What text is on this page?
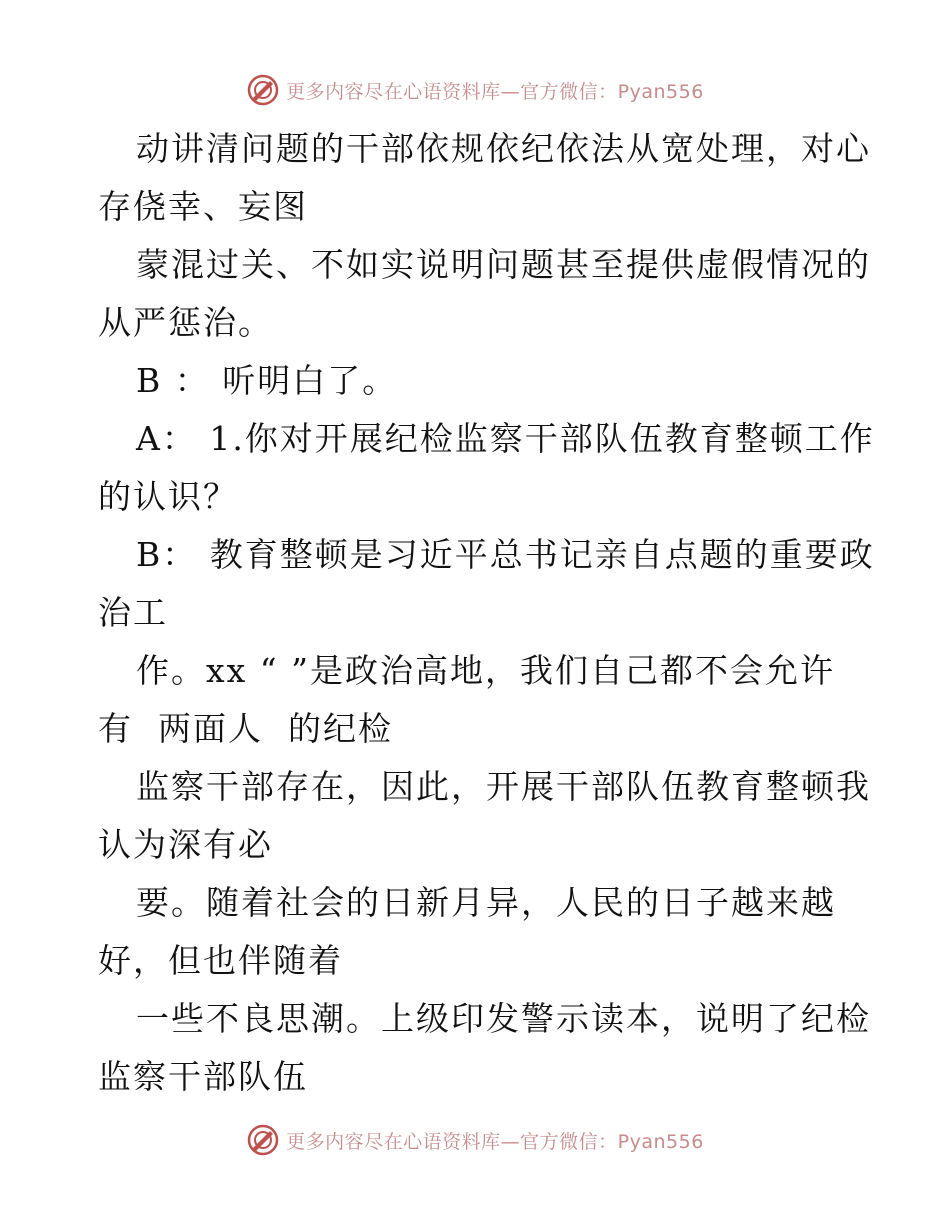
更多内容尽在心语资料库—官方微信：Pyan556
动讲清问题的干部依规依纪依法从宽处理，对心
存侥幸、妄图
蒙混过关、不如实说明问题甚至提供虚假情况的
从严惩治。
B ： 听明白了。
A： 1.你对开展纪检监察干部队伍教育整顿工作
的认识？
B： 教育整顿是习近平总书记亲自点题的重要政
治工
作。xx “ ”是政治高地，我们自己都不会允许
有  两面人  的纪检
监察干部存在，因此，开展干部队伍教育整顿我
认为深有必
要。随着社会的日新月异，人民的日子越来越
好，但也伴随着
一些不良思潮。上级印发警示读本，说明了纪检
监察干部队伍
更多内容尽在心语资料库—官方微信：Pyan556
